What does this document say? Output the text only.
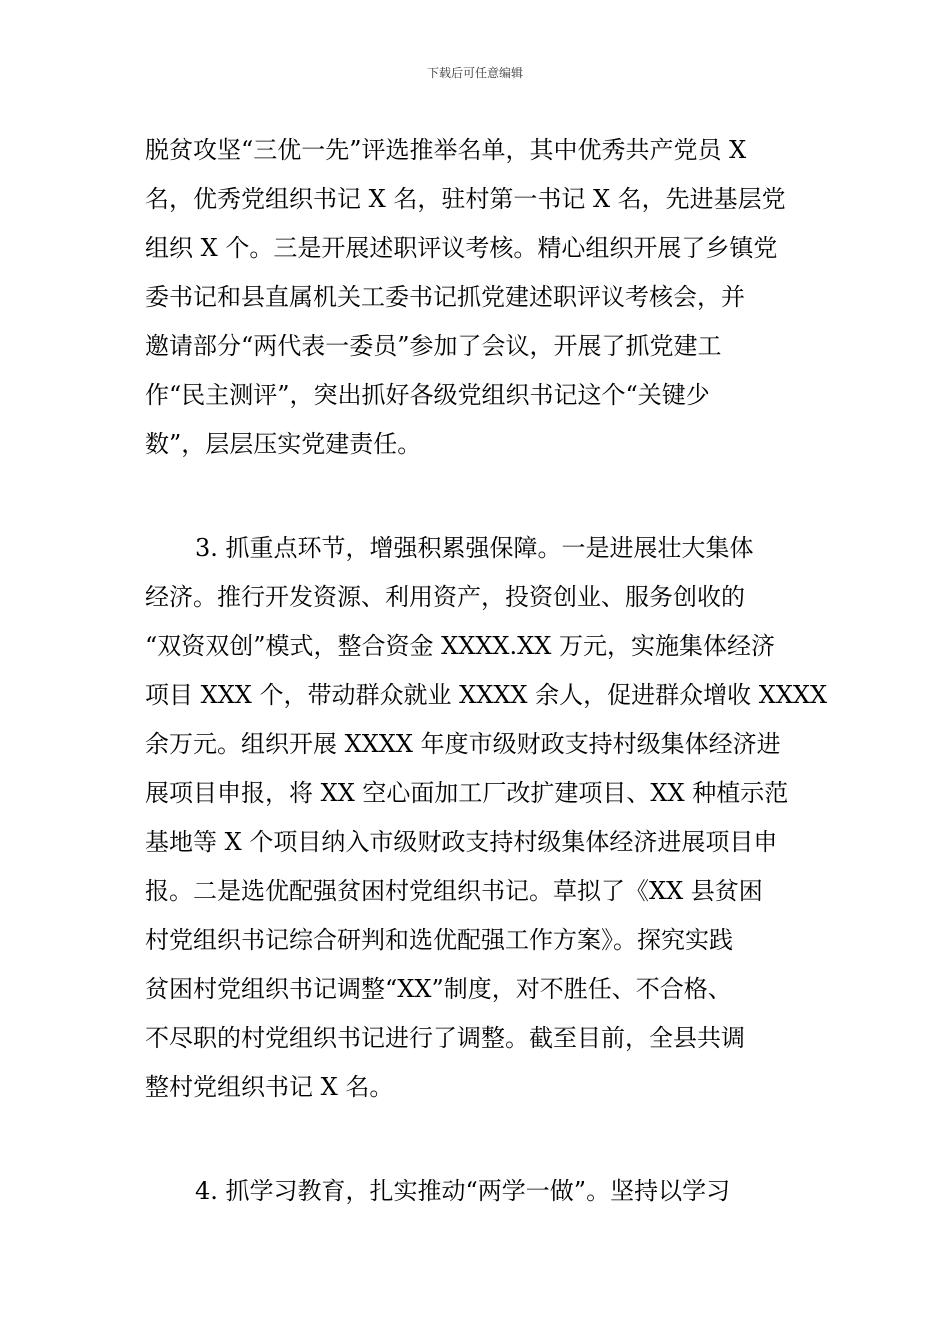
下载后可任意编辑
脱贫攻坚“三优一先”评选推举名单，其中优秀共产党员 X
名，优秀党组织书记 X 名，驻村第一书记 X 名，先进基层党
组织 X 个。三是开展述职评议考核。精心组织开展了乡镇党
委书记和县直属机关工委书记抓党建述职评议考核会，并
邀请部分“两代表一委员”参加了会议，开展了抓党建工
作“民主测评”，突出抓好各级党组织书记这个“关键少
数”，层层压实党建责任。
3. 抓重点环节，增强积累强保障。一是进展壮大集体
经济。推行开发资源、利用资产，投资创业、服务创收的
“双资双创”模式，整合资金 XXXX.XX 万元，实施集体经济
项目 XXX 个，带动群众就业 XXXX 余人，促进群众增收 XXXX
余万元。组织开展 XXXX 年度市级财政支持村级集体经济进
展项目申报，将 XX 空心面加工厂改扩建项目、XX 种植示范
基地等 X 个项目纳入市级财政支持村级集体经济进展项目申
报。二是选优配强贫困村党组织书记。草拟了《XX 县贫困
村党组织书记综合研判和选优配强工作方案》。探究实践
贫困村党组织书记调整“XX”制度，对不胜任、不合格、
不尽职的村党组织书记进行了调整。截至目前，全县共调
整村党组织书记 X 名。
4. 抓学习教育，扎实推动“两学一做”。坚持以学习
